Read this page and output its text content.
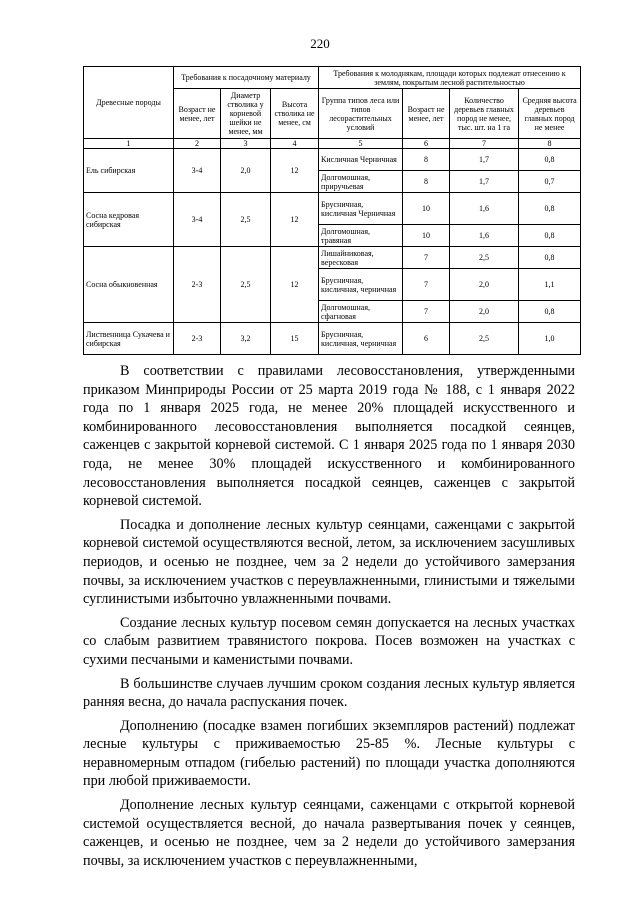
220
Древесные породы	Требования к посадочному материалу			Требования к молоднякам, площади которых подлежат отнесению к землям, покрытым лесной растительностью			
	Возраст не менее, лет	Диаметр стволика у корневой шейки не менее, мм	Высота стволика не менее, см	Группа типов леса или типов лесорастительных условий	Возраст не менее, лет	Количество деревьев главных пород не менее, тыс. шт. на 1 га	Средняя высота деревьев главных пород не менее
1	2	3	4	5	6	7	8
Ель сибирская	3-4	2,0	12	Кисличная Черничная	8	1,7	0,8
				Долгомошная, приручьевая	8	1,7	0,7
Сосна кедровая сибирская	3-4	2,5	12	Брусничная, кисличная Черничная	10	1,6	0,8
				Долгомошная, травяная	10	1,6	0,8
Сосна обыкновенная	2-3	2,5	12	Лишайниковая, вересковая	7	2,5	0,8
				Брусничная, кисличная, черничная	7	2,0	1,1
				Долгомошная, сфагновая	7	2,0	0,8
Лиственница Сукачева и сибирская	2-3	3,2	15	Брусничная, кисличная, черничная	6	2,5	1,0

В соответствии с правилами лесовосстановления, утвержденными приказом Минприроды России от 25 марта 2019 года № 188, с 1 января 2022 года по 1 января 2025 года, не менее 20% площадей искусственного и комбинированного лесовосстановления выполняется посадкой сеянцев, саженцев с закрытой корневой системой. С 1 января 2025 года по 1 января 2030 года, не менее 30% площадей искусственного и комбинированного лесовосстановления выполняется посадкой сеянцев, саженцев с закрытой корневой системой.

Посадка и дополнение лесных культур сеянцами, саженцами с закрытой корневой системой осуществляются весной, летом, за исключением засушливых периодов, и осенью не позднее, чем за 2 недели до устойчивого замерзания почвы, за исключением участков с переувлажненными, глинистыми и тяжелыми суглинистыми избыточно увлажненными почвами.

Создание лесных культур посевом семян допускается на лесных участках со слабым развитием травянистого покрова. Посев возможен на участках с сухими песчаными и каменистыми почвами.

В большинстве случаев лучшим сроком создания лесных культур является ранняя весна, до начала распускания почек.

Дополнению (посадке взамен погибших экземпляров растений) подлежат лесные культуры с приживаемостью 25-85 %. Лесные культуры с неравномерным отпадом (гибелью растений) по площади участка дополняются при любой приживаемости.

Дополнение лесных культур сеянцами, саженцами с открытой корневой системой осуществляется весной, до начала развертывания почек у сеянцев, саженцев, и осенью не позднее, чем за 2 недели до устойчивого замерзания почвы, за исключением участков с переувлажненными,
